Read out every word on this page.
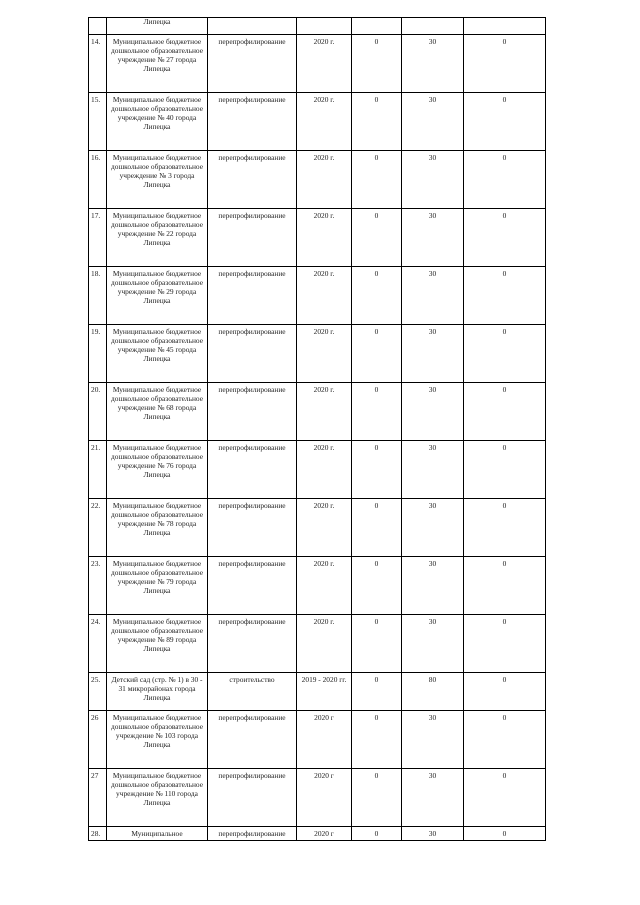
	Липецка					
14.	Муниципальное бюджетное дошкольное образовательное учреждение № 27 города Липецка	перепрофилирование	2020 г.	0	30	0
15.	Муниципальное бюджетное дошкольное образовательное учреждение № 40 города Липецка	перепрофилирование	2020 г.	0	30	0
16.	Муниципальное бюджетное дошкольное образовательное учреждение № 3 города Липецка	перепрофилирование	2020 г.	0	30	0
17.	Муниципальное бюджетное дошкольное образовательное учреждение № 22 города Липецка	перепрофилирование	2020 г.	0	30	0
18.	Муниципальное бюджетное дошкольное образовательное учреждение № 29 города Липецка	перепрофилирование	2020 г.	0	30	0
19.	Муниципальное бюджетное дошкольное образовательное учреждение № 45 города Липецка	перепрофилирование	2020 г.	0	30	0
20.	Муниципальное бюджетное дошкольное образовательное учреждение № 68 города Липецка	перепрофилирование	2020 г.	0	30	0
21.	Муниципальное бюджетное дошкольное образовательное учреждение № 76 города Липецка	перепрофилирование	2020 г.	0	30	0
22.	Муниципальное бюджетное дошкольное образовательное учреждение № 78 города Липецка	перепрофилирование	2020 г.	0	30	0
23.	Муниципальное бюджетное дошкольное образовательное учреждение № 79 города Липецка	перепрофилирование	2020 г.	0	30	0
24.	Муниципальное бюджетное дошкольное образовательное учреждение № 89 города Липецка	перепрофилирование	2020 г.	0	30	0
25.	Детский сад (стр. № 1) в 30 - 31 микрорайонах города Липецка	строительство	2019 - 2020 гг.	0	80	0
26	Муниципальное бюджетное дошкольное образовательное учреждение № 103 города Липецка	перепрофилирование	2020 г	0	30	0
27	Муниципальное бюджетное дошкольное образовательное учреждение № 110 города Липецка	перепрофилирование	2020 г	0	30	0
28.	Муниципальное	перепрофилирование	2020 г	0	30	0
